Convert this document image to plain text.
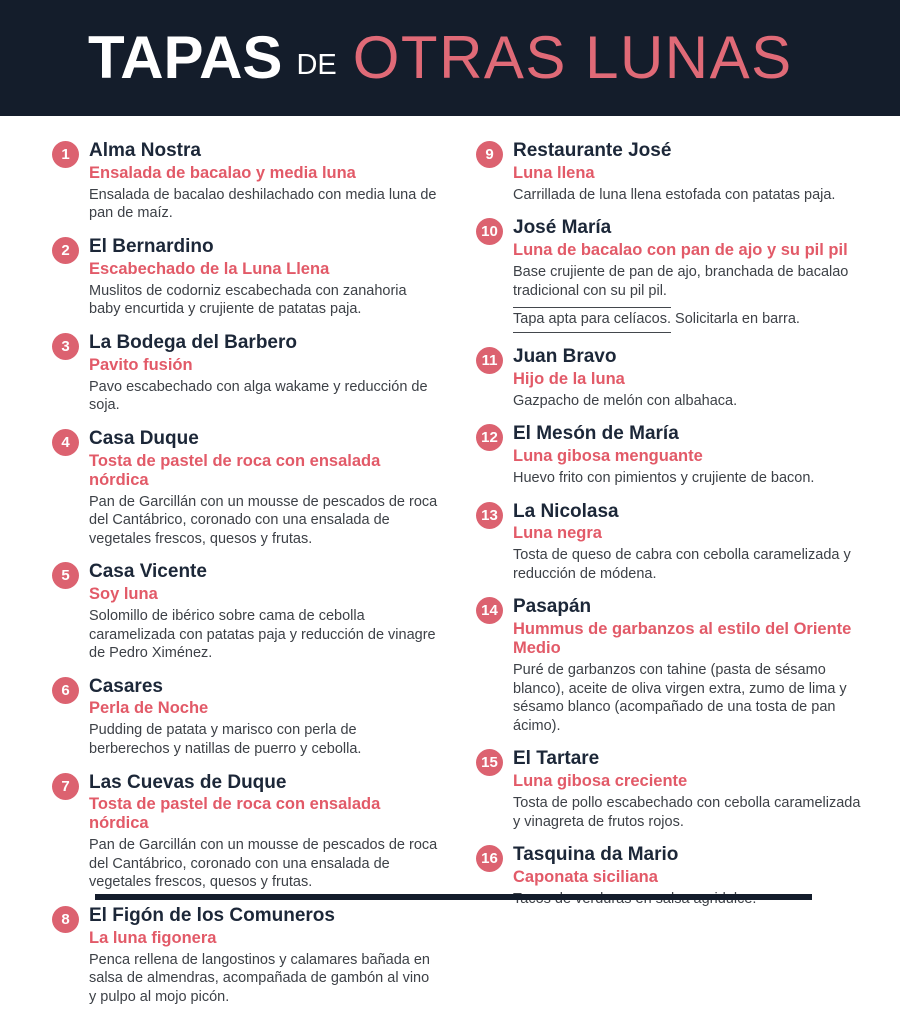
TAPAS DE OTRAS LUNAS
1	Alma Nostra
Ensalada de bacalao y media luna

Ensalada de bacalao deshilachado con media luna de pan de maíz.

2	El Bernardino
Escabechado de la Luna Llena

Muslitos de codorniz escabechada con zanahoria baby encurtida y crujiente de patatas paja.

3	La Bodega del Barbero
Pavito fusión

Pavo escabechado con alga wakame y reducción de soja.

4	Casa Duque
Tosta de pastel de roca con ensalada nórdica

Pan de Garcillán con un mousse de pescados de roca del Cantábrico, coronado con una ensalada de vegetales frescos, quesos y frutas.

5	Casa Vicente
Soy luna

Solomillo de ibérico sobre cama de cebolla caramelizada con patatas paja y reducción de vinagre de Pedro Ximénez.

6	Casares
Perla de Noche

Pudding de patata y marisco con perla de berberechos y natillas de puerro y cebolla.

7	Las Cuevas de Duque
Tosta de pastel de roca con ensalada nórdica

Pan de Garcillán con un mousse de pescados de roca del Cantábrico, coronado con una ensalada de vegetales frescos, quesos y frutas.

8	El Figón de los Comuneros
La luna figonera

Penca rellena de langostinos y calamares bañada en salsa de almendras, acompañada de gambón al vino y pulpo al mojo picón.

9	Restaurante José
Luna llena

Carrillada de luna llena estofada con patatas paja.

10 José María
Luna de bacalao con pan de ajo y su pil pil

Base crujiente de pan de ajo, branchada de bacalao tradicional con su pil pil.

Tapa apta para celíacos. Solicitarla en barra.

11 Juan Bravo
Hijo de la luna

Gazpacho de melón con albahaca.

12 El Mesón de María
Luna gibosa menguante

Huevo frito con pimientos y crujiente de bacon.

13 La Nicolasa
Luna negra

Tosta de queso de cabra con cebolla caramelizada y reducción de módena.

14 Pasapán
Hummus de garbanzos al estilo del Oriente Medio

Puré de garbanzos con tahine (pasta de sésamo blanco), aceite de oliva virgen extra, zumo de lima y sésamo blanco (acompañado de una tosta de pan ácimo).

15 El Tartare
Luna gibosa creciente

Tosta de pollo escabechado con cebolla caramelizada y vinagreta de frutos rojos.

16 Tasquina da Mario
Caponata siciliana
